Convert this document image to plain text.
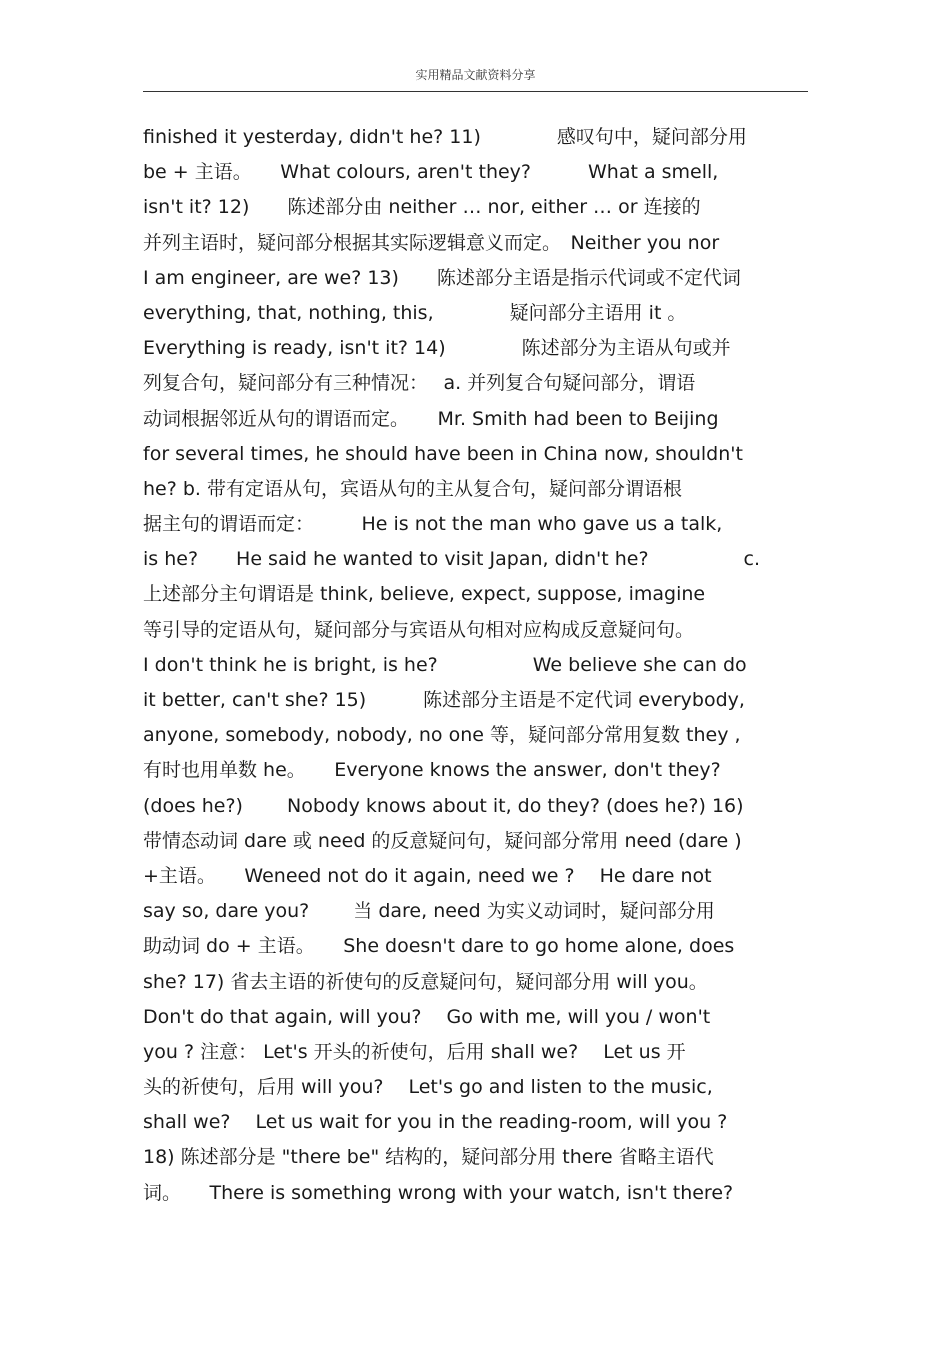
实用精品文献资料分享
finished it yesterday, didn't he? 11)　　　　感叹句中，疑问部分用
be + 主语。　　What colours, aren't they?　　　What a smell,
isn't it? 12)　　陈述部分由 neither … nor, either … or 连接的
并列主语时，疑问部分根据其实际逻辑意义而定。　Neither you nor
I am engineer, are we? 13)　　陈述部分主语是指示代词或不定代词
everything, that, nothing, this,　　　　疑问部分主语用 it 。
Everything is ready, isn't it? 14)　　　　陈述部分为主语从句或并
列复合句，疑问部分有三种情况：　 a. 并列复合句疑问部分，谓语
动词根据邻近从句的谓语而定。　　Mr. Smith had been to Beijing
for several times, he should have been in China now, shouldn't
he? b. 带有定语从句，宾语从句的主从复合句，疑问部分谓语根
据主句的谓语而定：　　　He is not the man who gave us a talk,
is he?　　He said he wanted to visit Japan, didn't he?　　　　　c.
上述部分主句谓语是 think, believe, expect, suppose, imagine
等引导的定语从句，疑问部分与宾语从句相对应构成反意疑问句。
I don't think he is bright, is he?　　　　　We believe she can do
it better, can't she? 15)　　　陈述部分主语是不定代词 everybody,
anyone, somebody, nobody, no one 等，疑问部分常用复数 they ,
有时也用单数 he。　　Everyone knows the answer, don't they?
(does he?)　　 Nobody knows about it, do they? (does he?) 16)
带情态动词 dare 或 need 的反意疑问句，疑问部分常用 need (dare )
+主语。　　Weneed not do it again, need we ?　 He dare not
say so, dare you?　　 当 dare, need 为实义动词时，疑问部分用
助动词 do + 主语。　　She doesn't dare to go home alone, does
she? 17) 省去主语的祈使句的反意疑问句，疑问部分用 will you。
Don't do that again, will you?　 Go with me, will you / won't
you ? 注意： Let's 开头的祈使句，后用 shall we?　 Let us 开
头的祈使句，后用 will you?　 Let's go and listen to the music,
shall we?　 Let us wait for you in the reading-room, will you ?
18) 陈述部分是 "there be" 结构的，疑问部分用 there 省略主语代
词。　　There is something wrong with your watch, isn't there?
